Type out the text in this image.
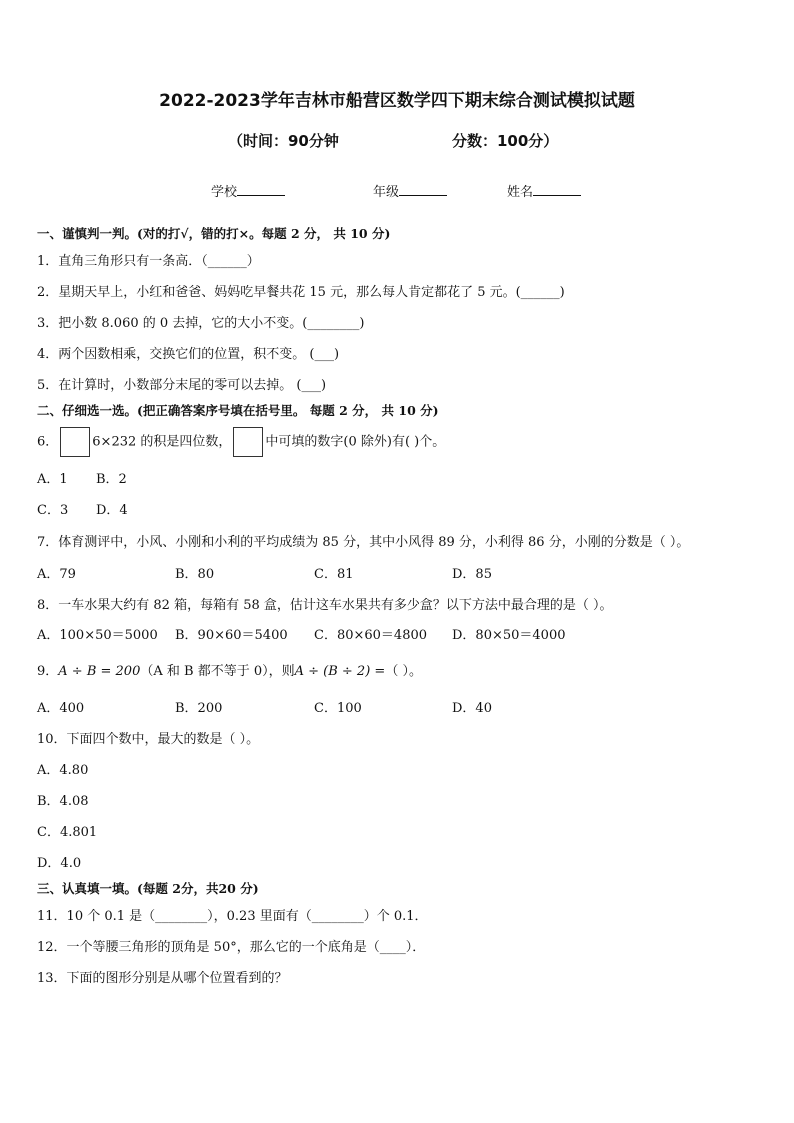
2022-2023学年吉林市船营区数学四下期末综合测试模拟试题
（时间：90分钟	分数：100分）
学校	年级	姓名
一、谨慎判一判。(对的打√，错的打×。每题 2 分， 共 10 分)
1．直角三角形只有一条高．（______）
2．星期天早上，小红和爸爸、妈妈吃早餐共花 15 元，那么每人肯定都花了 5 元。(______)
3．把小数 8.060 的 0 去掉，它的大小不变。(________)
4．两个因数相乘，交换它们的位置，积不变。 (___)
5．在计算时，小数部分末尾的零可以去掉。 (___)
二、仔细选一选。(把正确答案序号填在括号里。 每题 2 分， 共 10 分)
6．	6×232 的积是四位数，	中可填的数字(0 除外)有( )个。
A．1 B．2
C．3 D．4
7．体育测评中，小风、小刚和小利的平均成绩为 85 分，其中小风得 89 分，小利得 86 分，小刚的分数是（ ）。
A．79	B．80	C．81	D．85
8．一车水果大约有 82 箱，每箱有 58 盒，估计这车水果共有多少盒？以下方法中最合理的是（ ）。
A．100×50＝5000 B．90×60＝5400 C．80×60＝4800 D．80×50＝4000
9．A ÷ B = 200（A 和 B 都不等于 0），则A ÷ (B ÷ 2) =（ ）。
A．400	B．200	C．100	D．40
10．下面四个数中，最大的数是（ ）。
A．4.80
B．4.08
C．4.801
D．4.0
三、认真填一填。(每题 2分，共20 分)
11．10 个 0.1 是（________），0.23 里面有（________）个 0.1．
12．一个等腰三角形的顶角是 50°，那么它的一个底角是（____）．
13．下面的图形分别是从哪个位置看到的？
